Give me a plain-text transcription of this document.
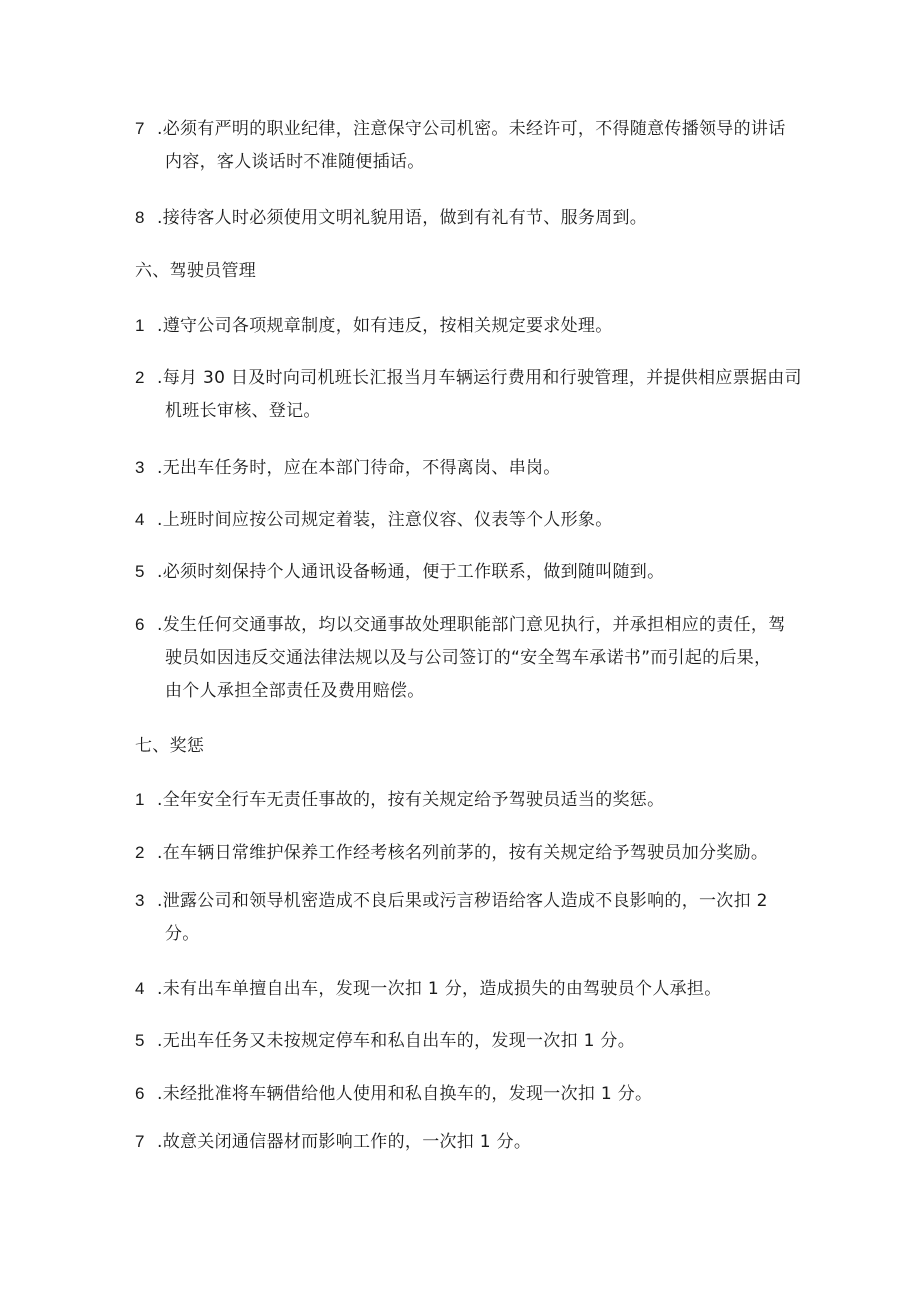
7 .必须有严明的职业纪律，注意保守公司机密。未经许可，不得随意传播领导的讲话
内容，客人谈话时不准随便插话。
8 .接待客人时必须使用文明礼貌用语，做到有礼有节、服务周到。
六、驾驶员管理
1 .遵守公司各项规章制度，如有违反，按相关规定要求处理。
2 .每月 30 日及时向司机班长汇报当月车辆运行费用和行驶管理，并提供相应票据由司
机班长审核、登记。
3 .无出车任务时，应在本部门待命，不得离岗、串岗。
4 .上班时间应按公司规定着装，注意仪容、仪表等个人形象。
5 .必须时刻保持个人通讯设备畅通，便于工作联系，做到随叫随到。
6 .发生任何交通事故，均以交通事故处理职能部门意见执行，并承担相应的责任，驾
驶员如因违反交通法律法规以及与公司签订的“安全驾车承诺书”而引起的后果，
由个人承担全部责任及费用赔偿。
七、奖惩
1 .全年安全行车无责任事故的，按有关规定给予驾驶员适当的奖惩。
2 .在车辆日常维护保养工作经考核名列前茅的，按有关规定给予驾驶员加分奖励。
3 .泄露公司和领导机密造成不良后果或污言秽语给客人造成不良影响的，一次扣 2
分。
4 .未有出车单擅自出车，发现一次扣 1 分，造成损失的由驾驶员个人承担。
5 .无出车任务又未按规定停车和私自出车的，发现一次扣 1 分。
6 .未经批准将车辆借给他人使用和私自换车的，发现一次扣 1 分。
7 .故意关闭通信器材而影响工作的，一次扣 1 分。
